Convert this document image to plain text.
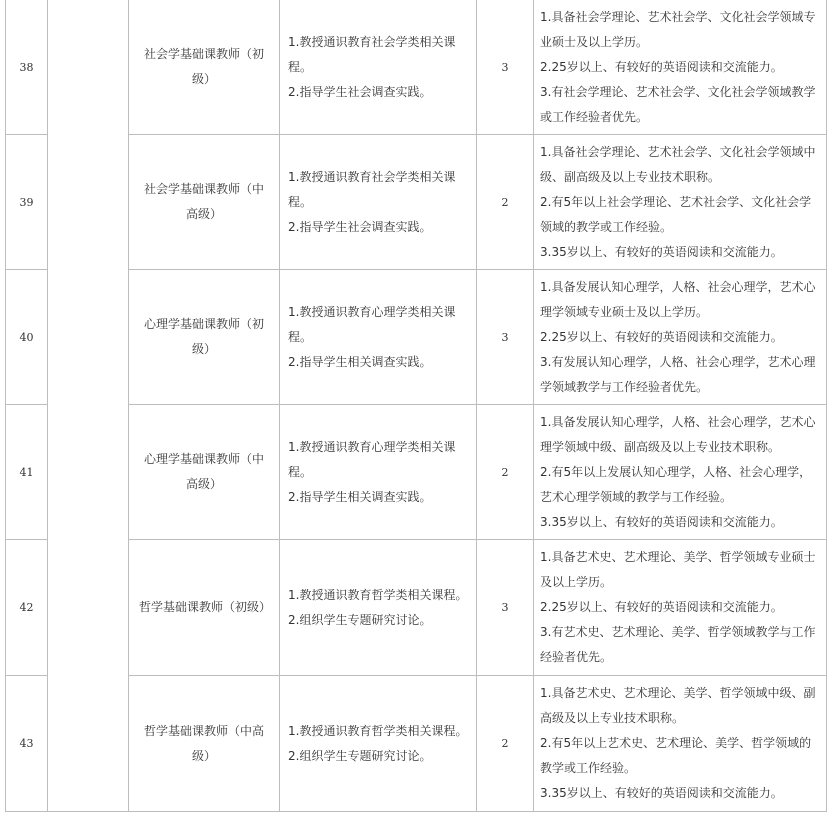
38		社会学基础课教师（初级）	1.教授通识教育社会学类相关课程。
2.指导学生社会调查实践。	3	1.具备社会学理论、艺术社会学、文化社会学领域专业硕士及以上学历。
2.25岁以上、有较好的英语阅读和交流能力。
3.有社会学理论、艺术社会学、文化社会学领域教学或工作经验者优先。

39		社会学基础课教师（中高级）	1.教授通识教育社会学类相关课程。
2.指导学生社会调查实践。	2	1.具备社会学理论、艺术社会学、文化社会学领域中级、副高级及以上专业技术职称。
2.有5年以上社会学理论、艺术社会学、文化社会学领域的教学或工作经验。
3.35岁以上、有较好的英语阅读和交流能力。

40		心理学基础课教师（初级）	1.教授通识教育心理学类相关课程。
2.指导学生相关调查实践。	3	1.具备发展认知心理学，人格、社会心理学，艺术心理学领域专业硕士及以上学历。
2.25岁以上、有较好的英语阅读和交流能力。
3.有发展认知心理学，人格、社会心理学，艺术心理学领域教学与工作经验者优先。

41		心理学基础课教师（中高级）	1.教授通识教育心理学类相关课程。
2.指导学生相关调查实践。	2	1.具备发展认知心理学，人格、社会心理学，艺术心理学领域中级、副高级及以上专业技术职称。
2.有5年以上发展认知心理学，人格、社会心理学，艺术心理学领域的教学与工作经验。
3.35岁以上、有较好的英语阅读和交流能力。

42		哲学基础课教师（初级）	1.教授通识教育哲学类相关课程。
2.组织学生专题研究讨论。	3	1.具备艺术史、艺术理论、美学、哲学领域专业硕士及以上学历。
2.25岁以上、有较好的英语阅读和交流能力。
3.有艺术史、艺术理论、美学、哲学领域教学与工作经验者优先。

43		哲学基础课教师（中高级）	1.教授通识教育哲学类相关课程。
2.组织学生专题研究讨论。	2	1.具备艺术史、艺术理论、美学、哲学领域中级、副高级及以上专业技术职称。
2.有5年以上艺术史、艺术理论、美学、哲学领域的教学或工作经验。
3.35岁以上、有较好的英语阅读和交流能力。
